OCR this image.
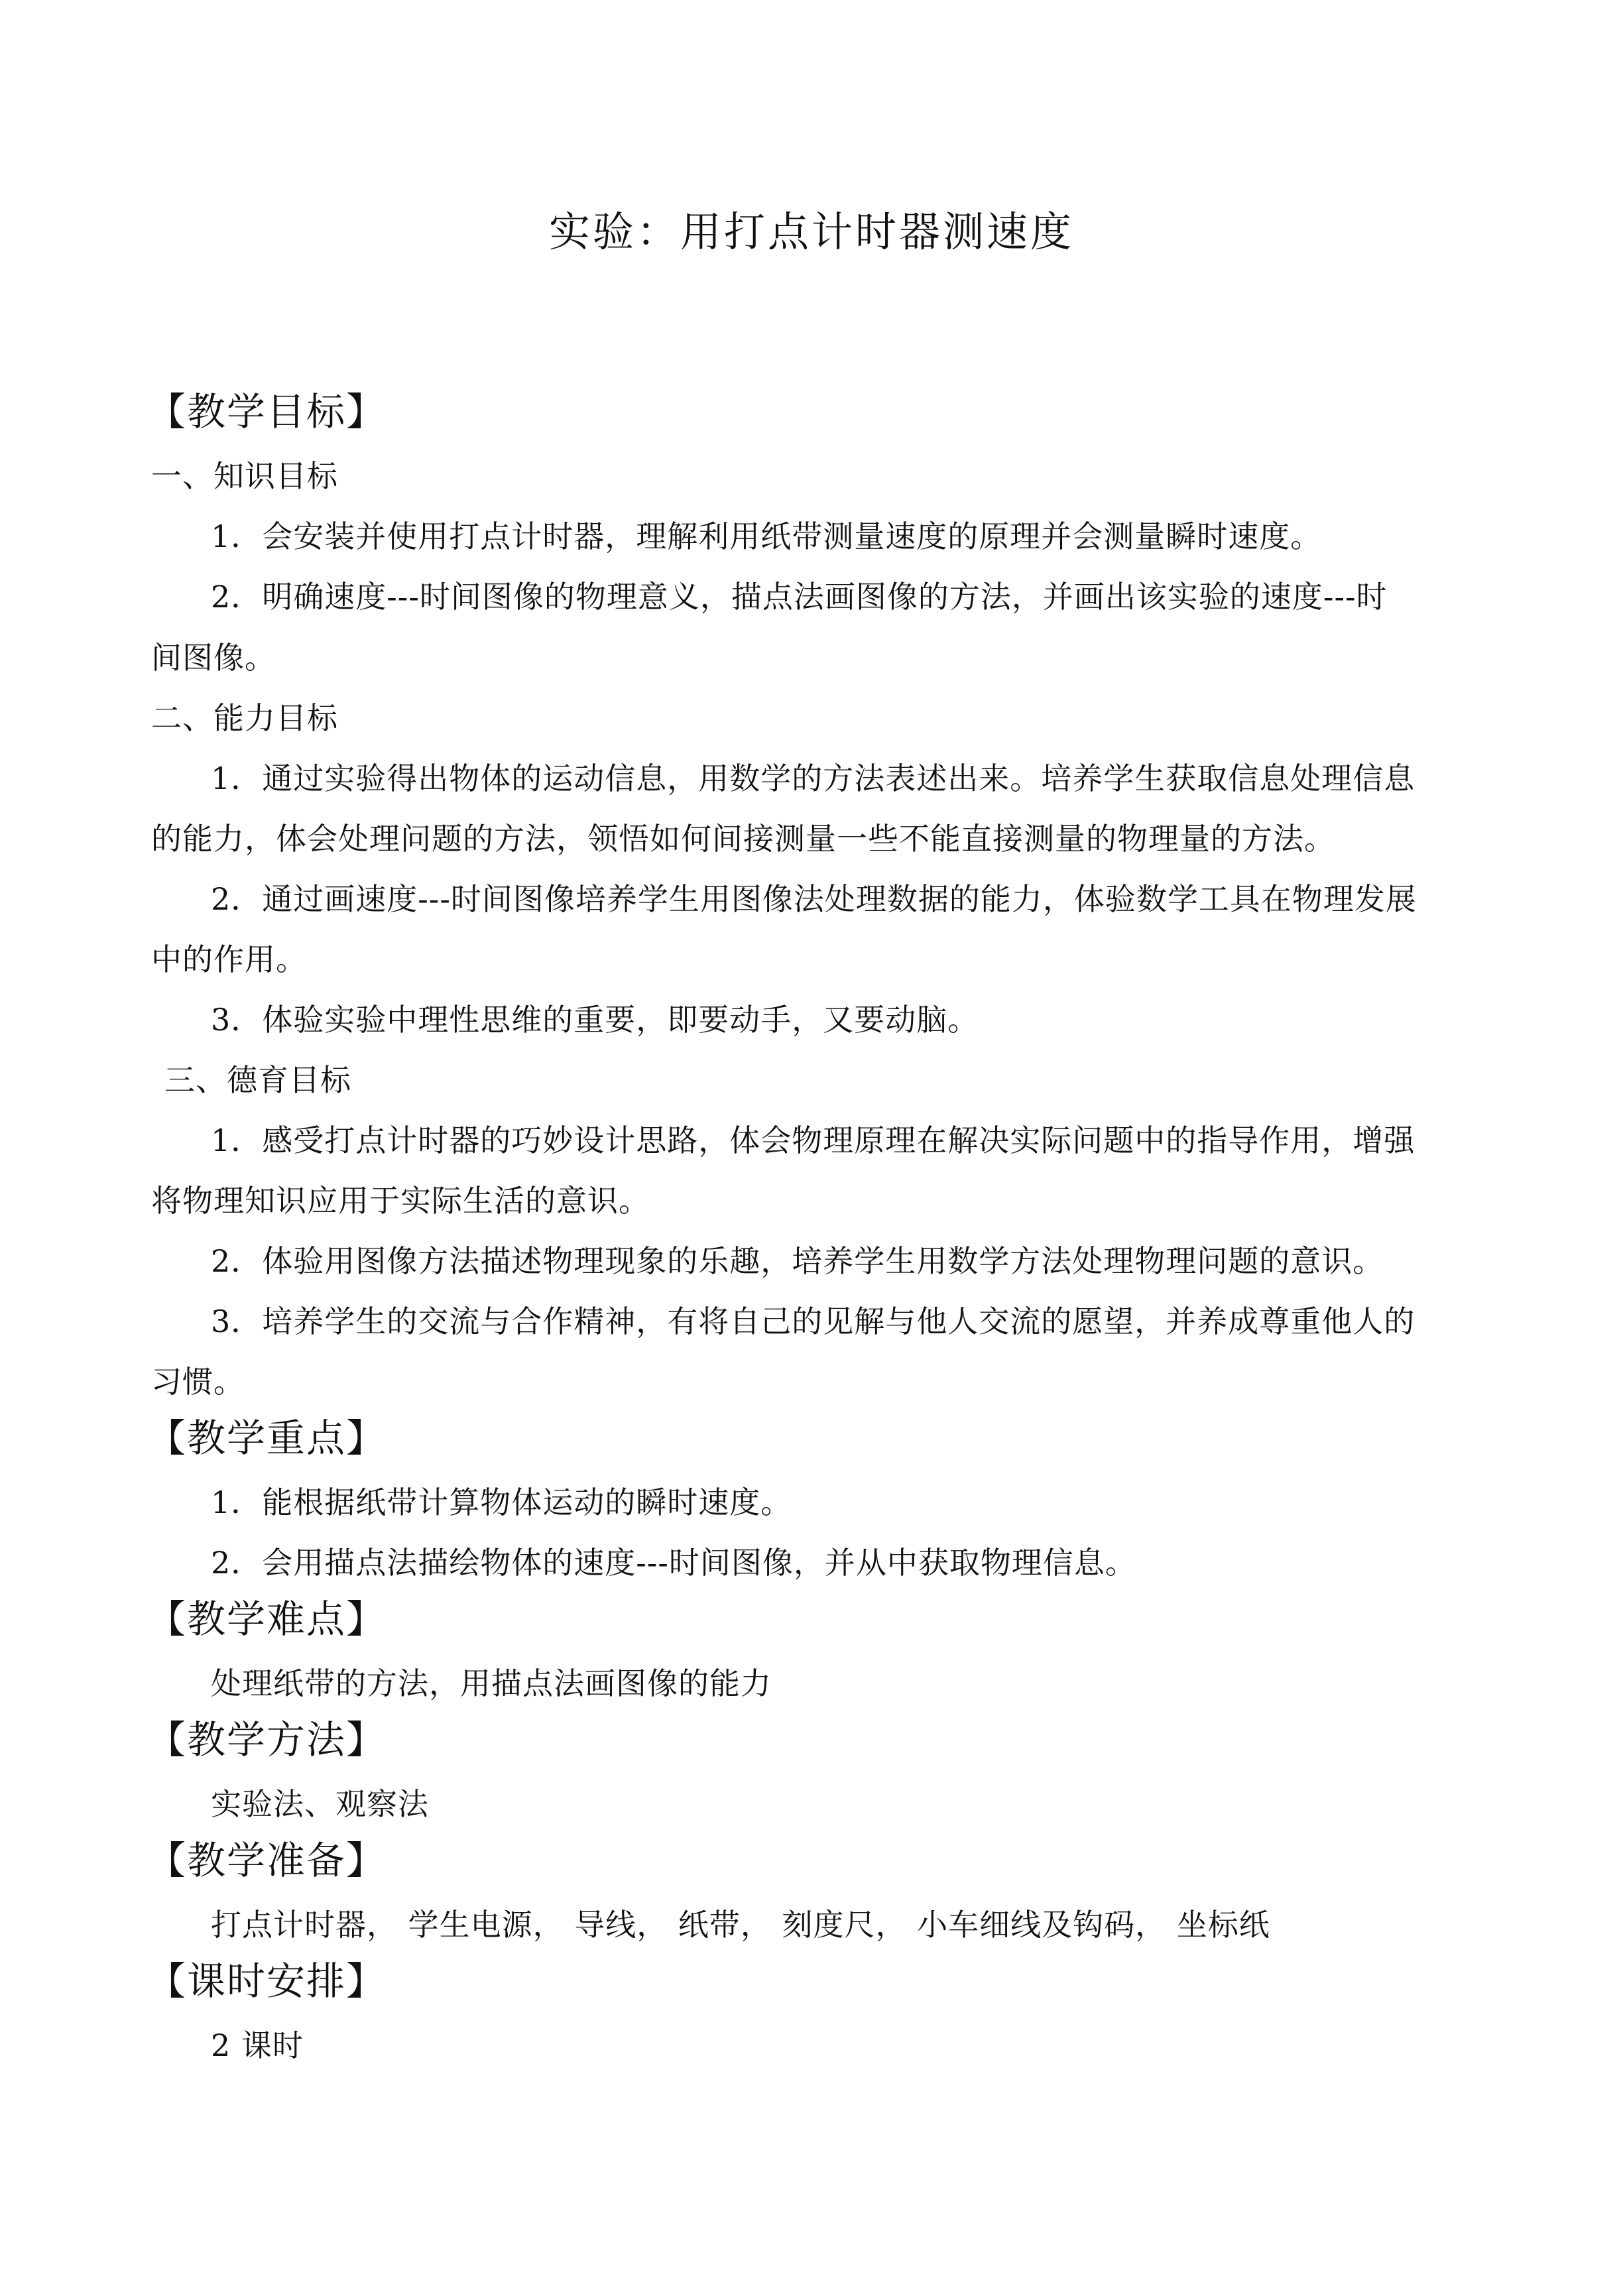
实验：用打点计时器测速度
【教学目标】
一、知识目标
1．会安装并使用打点计时器，理解利用纸带测量速度的原理并会测量瞬时速度。
2．明确速度---时间图像的物理意义，描点法画图像的方法，并画出该实验的速度---时
间图像。
二、能力目标
1．通过实验得出物体的运动信息，用数学的方法表述出来。培养学生获取信息处理信息
的能力，体会处理问题的方法，领悟如何间接测量一些不能直接测量的物理量的方法。
2．通过画速度---时间图像培养学生用图像法处理数据的能力，体验数学工具在物理发展
中的作用。
3．体验实验中理性思维的重要，即要动手，又要动脑。
三、德育目标
1．感受打点计时器的巧妙设计思路，体会物理原理在解决实际问题中的指导作用，增强
将物理知识应用于实际生活的意识。
2．体验用图像方法描述物理现象的乐趣，培养学生用数学方法处理物理问题的意识。
3．培养学生的交流与合作精神，有将自己的见解与他人交流的愿望，并养成尊重他人的
习惯。
【教学重点】
1．能根据纸带计算物体运动的瞬时速度。
2．会用描点法描绘物体的速度---时间图像，并从中获取物理信息。
【教学难点】
处理纸带的方法，用描点法画图像的能力
【教学方法】
实验法、观察法
【教学准备】
打点计时器， 学生电源， 导线， 纸带， 刻度尺， 小车细线及钩码， 坐标纸
【课时安排】
2 课时
